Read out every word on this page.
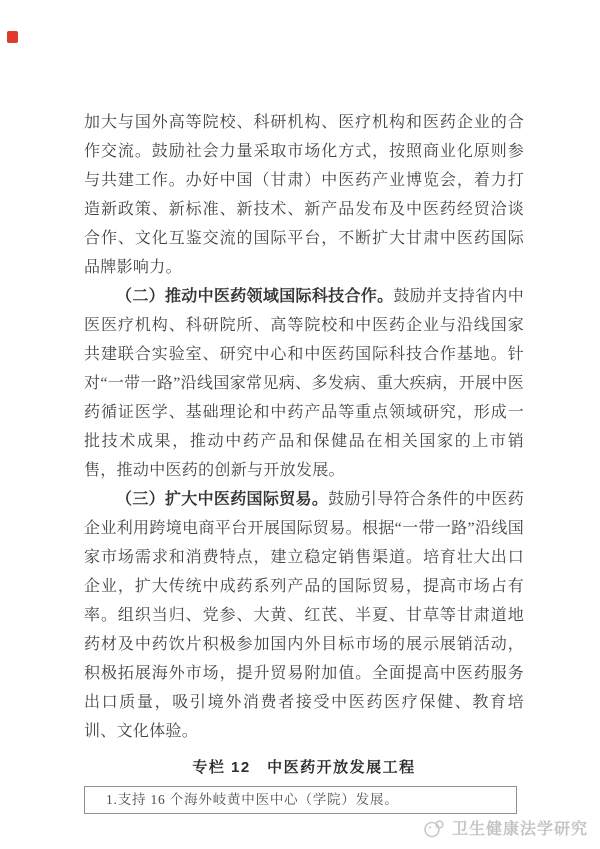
加大与国外高等院校、科研机构、医疗机构和医药企业的合作交流。鼓励社会力量采取市场化方式，按照商业化原则参与共建工作。办好中国（甘肃）中医药产业博览会，着力打造新政策、新标准、新技术、新产品发布及中医药经贸洽谈合作、文化互鉴交流的国际平台，不断扩大甘肃中医药国际品牌影响力。

（二）推动中医药领域国际科技合作。鼓励并支持省内中医医疗机构、科研院所、高等院校和中医药企业与沿线国家共建联合实验室、研究中心和中医药国际科技合作基地。针对“一带一路”沿线国家常见病、多发病、重大疾病，开展中医药循证医学、基础理论和中药产品等重点领域研究，形成一批技术成果，推动中药产品和保健品在相关国家的上市销售，推动中医药的创新与开放发展。

（三）扩大中医药国际贸易。鼓励引导符合条件的中医药企业利用跨境电商平台开展国际贸易。根据“一带一路”沿线国家市场需求和消费特点，建立稳定销售渠道。培育壮大出口企业，扩大传统中成药系列产品的国际贸易，提高市场占有率。组织当归、党参、大黄、红芪、半夏、甘草等甘肃道地药材及中药饮片积极参加国内外目标市场的展示展销活动，积极拓展海外市场，提升贸易附加值。全面提高中医药服务出口质量，吸引境外消费者接受中医药医疗保健、教育培训、文化体验。

专栏 12　中医药开放发展工程
1.支持 16 个海外岐黄中医中心（学院）发展。
卫生健康法学研究
